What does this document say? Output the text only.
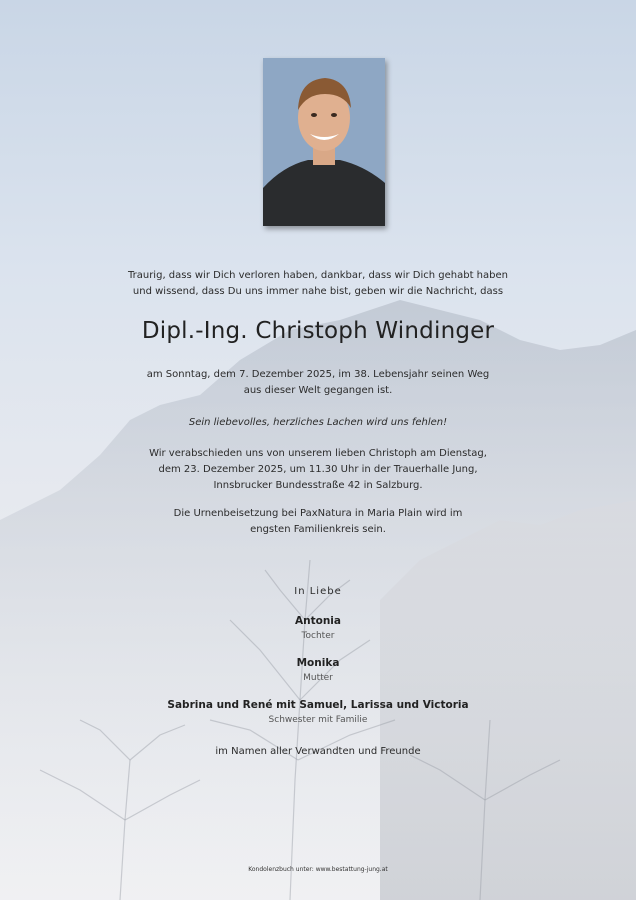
Traurig, dass wir Dich verloren haben, dankbar, dass wir Dich gehabt haben
und wissend, dass Du uns immer nahe bist, geben wir die Nachricht, dass

Dipl.-Ing. Christoph Windinger

am Sonntag, dem 7. Dezember 2025, im 38. Lebensjahr seinen Weg
aus dieser Welt gegangen ist.

Sein liebevolles, herzliches Lachen wird uns fehlen!

Wir verabschieden uns von unserem lieben Christoph am Dienstag,
dem 23. Dezember 2025, um 11.30 Uhr in der Trauerhalle Jung,
Innsbrucker Bundesstraße 42 in Salzburg.

Die Urnenbeisetzung bei PaxNatura in Maria Plain wird im
engsten Familienkreis sein.

In Liebe

Antonia

Tochter

Monika

Mutter

Sabrina und René mit Samuel, Larissa und Victoria

Schwester mit Familie

im Namen aller Verwandten und Freunde

Kondolenzbuch unter: www.bestattung-jung.at
